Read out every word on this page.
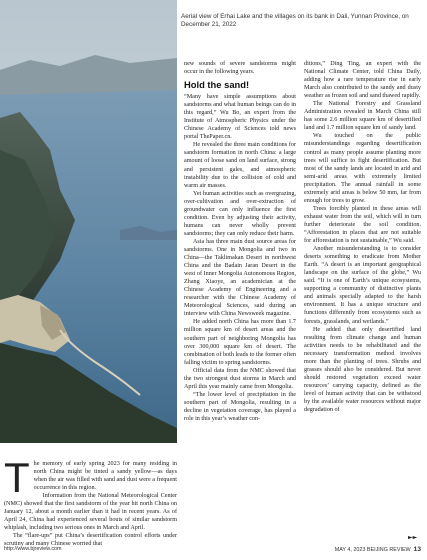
Aerial view of Erhai Lake and the villages on its bank in Dali, Yunnan Province, on December 21, 2022
T he memory of early spring 2023 for many residing in north China might be tinted a sandy yellow—as days when the air was filled with sand and dust were a frequent occurrence in this region.

Information from the National Meteorological Center (NMC) showed that the first sandstorm of the year hit north China on January 12, about a month earlier than it had in recent years. As of April 24, China had experienced several bouts of similar sandstorm whiplash, including two serious ones in March and April.

The “flare-ups” put China’s desertification control efforts under scrutiny and many Chinese worried that

new sounds of severe sandstorms might occur in the following years.

Hold the sand!

“Many have simple assumptions about sandstorms and what human beings can do in this regard,” Wu Bo, an expert from the Institute of Atmospheric Physics under the Chinese Academy of Sciences told news portal ThePaper.cn.

He revealed the three main conditions for sandstorm formation in north China: a large amount of loose sand on land surface, strong and persistent gales, and atmospheric instability due to the collision of cold and warm air masses.

Yet human activities such as overgrazing, over-cultivation and over-extraction of groundwater can only influence the first condition. Even by adjusting their activity, humans can never wholly prevent sandstorms; they can only reduce their harm.

Asia has three main dust source areas for sandstorms. One in Mongolia and two in China—the Taklimakan Desert in northwest China and the Badain Jaran Desert in the west of Inner Mongolia Autonomous Region, Zhang Xiaoye, an academician at the Chinese Academy of Engineering and a researcher with the Chinese Academy of Meteorological Sciences, said during an interview with China Newsweek magazine.

He added north China has more than 1.7 million square km of desert areas and the southern part of neighboring Mongolia has over 300,000 square km of desert. The combination of both leads to the former often falling victim to spring sandstorms.

Official data from the NMC showed that the two strongest dust storms in March and April this year mainly came from Mongolia.

“The lower level of precipitation in the southern part of Mongolia, resulting in a decline in vegetation coverage, has played a role in this year’s weather con-

ditions,” Ding Ting, an expert with the National Climate Center, told China Daily, adding how a rare temperature rise in early March also contributed to the sandy and dusty weather as frozen soil and sand thawed rapidly.

The National Forestry and Grassland Administration revealed in March China still has some 2.6 million square km of desertified land and 1.7 million square km of sandy land.

Wu touched on the public misunderstandings regarding desertification control as many people assume planting more trees will suffice to fight desertification. But most of the sandy lands are located in arid and semi-arid areas with extremely limited precipitation. The annual rainfall in some extremely arid areas is below 50 mm, far from enough for trees to grow.

Trees forcibly planted in these areas will exhaust water from the soil, which will in turn further deteriorate the soil condition. “Afforestation in places that are not suitable for afforestation is not sustainable,” Wu said.

Another misunderstanding is to consider deserts something to eradicate from Mother Earth. “A desert is an important geographical landscape on the surface of the globe,” Wu said. “It is one of Earth’s unique ecosystems, supporting a community of distinctive plants and animals specially adapted to the harsh environment. It has a unique structure and functions differently from ecosystems such as forests, grasslands, and wetlands.”

He added that only desertified land resulting from climate change and human activities needs to be rehabilitated and the necessary transformation method involves more than the planting of trees. Shrubs and grasses should also be considered. But never should restored vegetation exceed water resources’ carrying capacity, defined as the level of human activity that can be withstood by the available water resources without major degradation of

►►
http://www.bjreview.com	MAY 4, 2023 BEIJING REVIEW 13
